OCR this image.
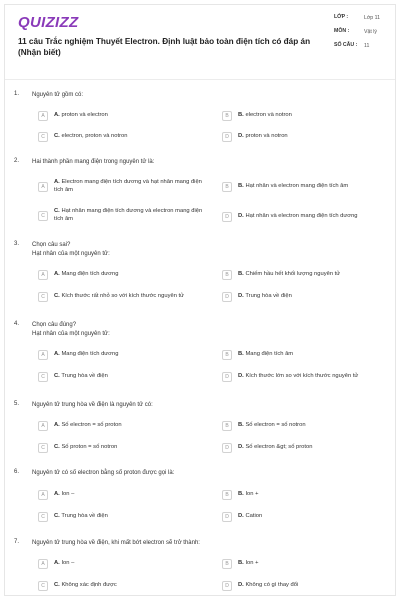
QUIZIZZ
11 câu Trắc nghiệm Thuyết Electron. Định luật bảo toàn điện tích có đáp án (Nhận biết)
LỚP :	Lớp 11
MÔN :	Vật lý
SỐ CÂU :	11
1. Nguyên tử gồm có:
A	A. proton và electron	B	B. electron và notron
C	C. electron, proton và notron	D	D. proton và notron
2. Hai thành phần mang điện trong nguyên tử là:
A
A. Electron mang điện tích dương và hạt nhân mang điện tích âm	B	B. Hạt nhân và electron mang điện tích âm
C
C. Hạt nhân mang điện tích dương và electron mang điện tích âm	D	D. Hạt nhân và electron mang điện tích dương
3. Chọn câu sai?
Hạt nhân của một nguyên tử:
A	A. Mang điện tích dương	B	B. Chiếm hầu hết khối lượng nguyên tử
C	C. Kích thước rất nhỏ so với kích thước nguyên tử	D	D. Trung hòa về điện
4. Chọn câu đúng?
Hạt nhân của một nguyên tử:
A	A. Mang điện tích dương	B	B. Mang điện tích âm
C	C. Trung hòa về điện	D	D. Kích thước lớn so với kích thước nguyên tử
5. Nguyên tử trung hòa về điện là nguyên tử có:
A	A. Số electron = số proton	B	B. Số electron = số notron
C	C. Số proton = số notron	D	D. Số electron &gt; số proton
6. Nguyên tử có số electron bằng số proton được gọi là:
A	A. Ion –	B	B. Ion +
C	C. Trung hòa về điện	D	D. Cation
7. Nguyên tử trung hòa về điện, khi mất bớt electron sẽ trở thành:
A	A. Ion –	B	B. Ion +
C	C. Không xác định được	D	D. Không có gì thay đổi
